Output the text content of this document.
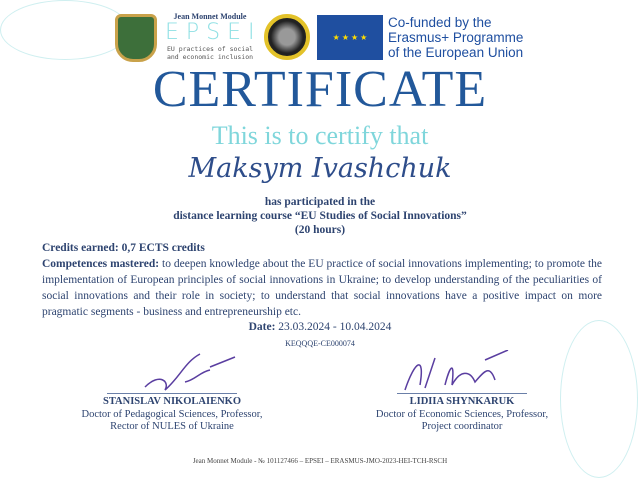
Jean Monnet Module
EPSEI
EU practices of social
and economic inclusion
★ ★ ★ ★
Co-funded by the
Erasmus+ Programme
of the European Union
CERTIFICATE
This is to certify that
Maksym Ivashchuk
has participated in the
distance learning course “EU Studies of Social Innovations”
(20 hours)
Credits earned: 0,7 ECTS credits
Competences mastered: to deepen knowledge about the EU practice of social innovations implementing; to promote the implementation of European principles of social innovations in Ukraine; to develop understanding of the peculiarities of social innovations and their role in society; to understand that social innovations have a positive impact on more pragmatic segments - business and entrepreneurship etc.
Date: 23.03.2024 - 10.04.2024
KEQQQE-CE000074
STANISLAV NIKOLAIENKO
Doctor of Pedagogical Sciences, Professor,
Rector of NULES of Ukraine
LIDIIA SHYNKARUK
Doctor of Economic Sciences, Professor,
Project coordinator
Jean Monnet Module - № 101127466 – EPSEI – ERASMUS-JMO-2023-HEI-TCH-RSCH
